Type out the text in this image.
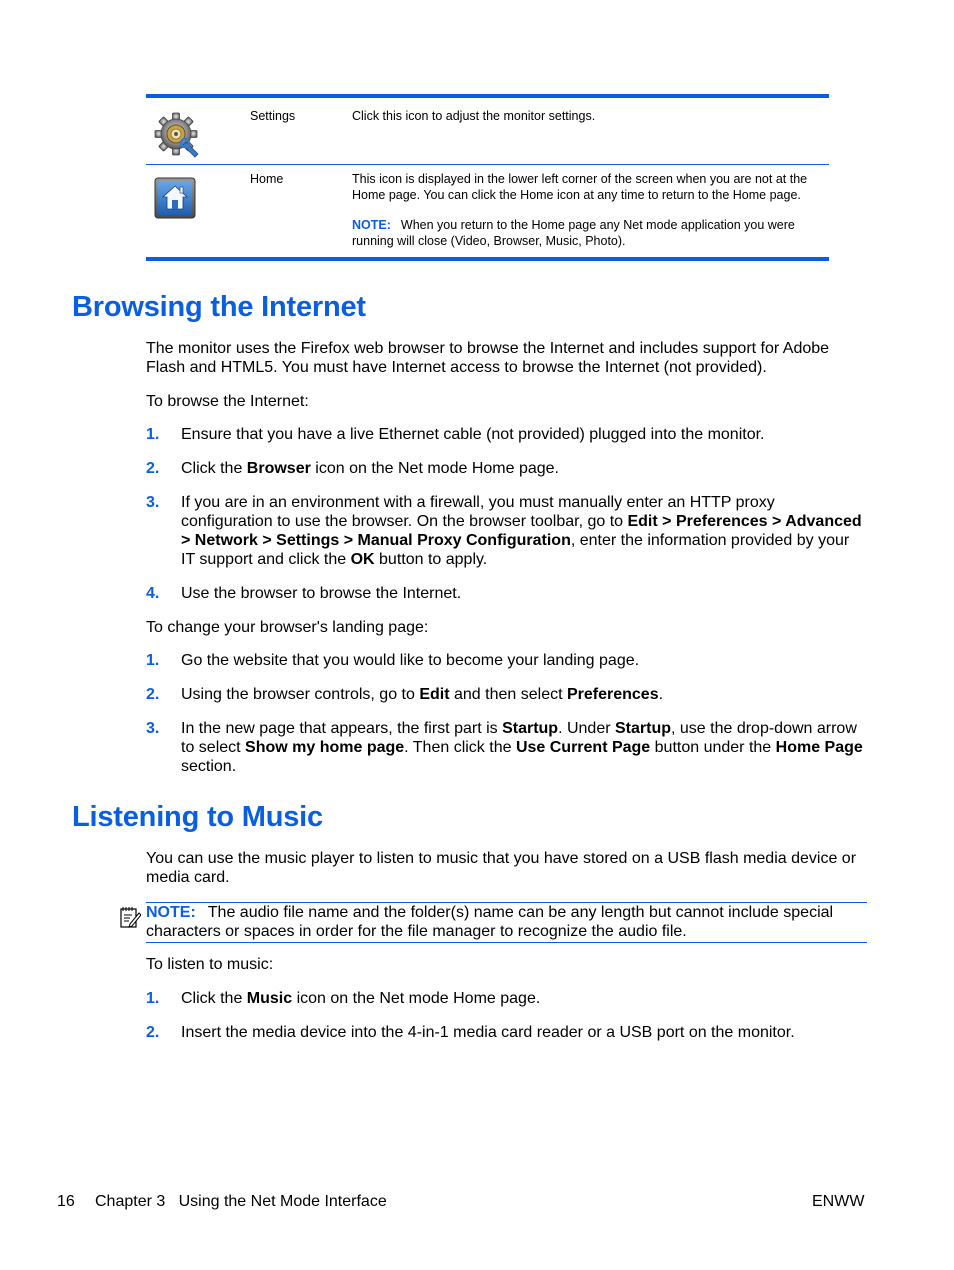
Settings	Click this icon to adjust the monitor settings.
Home	This icon is displayed in the lower left corner of the screen when you are not at the
Home page. You can click the Home icon at any time to return to the Home page.
NOTE: When you return to the Home page any Net mode application you were
running will close (Video, Browser, Music, Photo).
Browsing the Internet
The monitor uses the Firefox web browser to browse the Internet and includes support for Adobe
Flash and HTML5. You must have Internet access to browse the Internet (not provided).
To browse the Internet:
1. Ensure that you have a live Ethernet cable (not provided) plugged into the monitor.
2. Click the Browser icon on the Net mode Home page.
3. If you are in an environment with a firewall, you must manually enter an HTTP proxy
configuration to use the browser. On the browser toolbar, go to Edit > Preferences > Advanced
> Network > Settings > Manual Proxy Configuration, enter the information provided by your
IT support and click the OK button to apply.
4. Use the browser to browse the Internet.
To change your browser's landing page:
1. Go the website that you would like to become your landing page.
2. Using the browser controls, go to Edit and then select Preferences.
3. In the new page that appears, the first part is Startup. Under Startup, use the drop-down arrow
to select Show my home page. Then click the Use Current Page button under the Home Page
section.
Listening to Music
You can use the music player to listen to music that you have stored on a USB flash media device or
media card.
NOTE: The audio file name and the folder(s) name can be any length but cannot include special
characters or spaces in order for the file manager to recognize the audio file.
To listen to music:
1. Click the Music icon on the Net mode Home page.
2. Insert the media device into the 4-in-1 media card reader or a USB port on the monitor.
16 Chapter 3   Using the Net Mode Interface	ENWW
